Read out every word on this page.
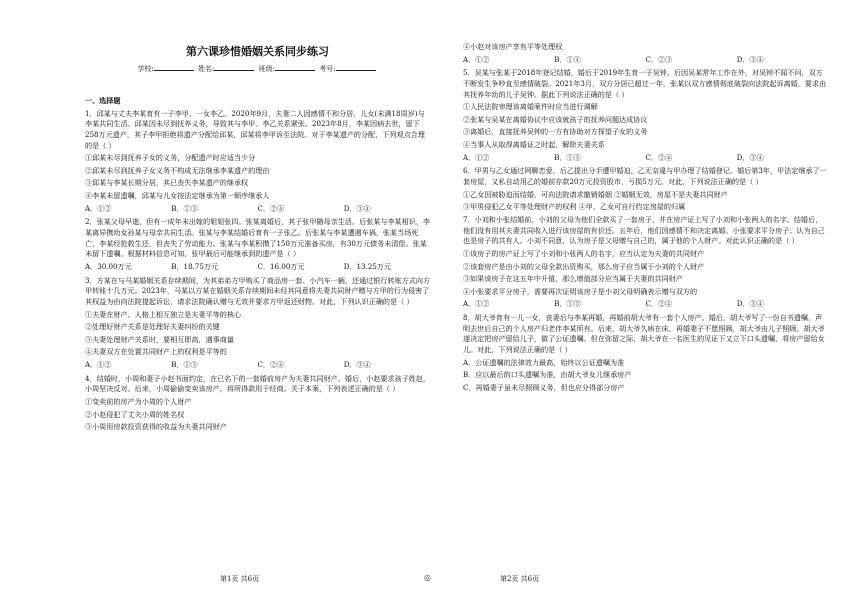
第六课珍惜婚姻关系同步练习
学校:	姓名:	班级:	考号:
一、选择题

1．邱某与丈夫李某育有一子李甲、一女李乙。2020年9月，夫妻二人因感情不和分居，儿女(未满18周岁)与李某共同生活。邱某因未尽到抚养义务，导致其与李甲、李乙关系紧张。2023年8月，李某因病去世，留下258万元遗产，其子李甲拒绝将遗产分配给邱某，邱某将李甲诉至法院。对于李某遗产的分配，下列观点合理的是（ ）

①邱某未尽到抚养子女的义务，分配遗产时应适当少分

②邱某未尽到抚养子女义务不构成无法继承李某遗产的理由

③邱某与李某长期分居，其已丧失李某遗产的继承权

④李某未留遗嘱，邱某与儿女按法定继承为第一顺序继承人

A．①②	B．①③	C．②④	D．③④

2．张某父母早逝，但有一成年未出嫁的姐姐张四。张某离婚后，其子张甲随母亲生活。后张某与李某相识，李某离异携幼女孙某与母亲共同生活。张某与李某结婚后育有一子张乙。后张某与李某遭遇车祸，张某当场死亡，李某经抢救生还，但丧失了劳动能力。张某与李某积攒了150万元准备买房，有30万元债务未清偿。张某未留下遗嘱。根据材料信息可知，张甲最后可能继承到的遗产是（ ）

A．30.00万元	B．18.75万元	C．16.00万元	D．13.25万元

3．方某在与马某婚姻关系存续期间，为其弟弟方甲购买了商品房一套、小汽车一辆，还通过银行转账方式向方甲转账十几万元。2023年，马某以方某在婚姻关系存续期间未经其同意将夫妻共同财产赠与方甲的行为侵害了其权益为由向法院提起诉讼，请求法院确认赠与无效并要求方甲返还财物。对此，下列认识正确的是（ ）

①夫妻在财产、人格上相互独立是夫妻平等的核心

②处理好财产关系是处理好夫妻纠纷的关键

③夫妻处理财产关系时，要相互即高，遇事商量

④夫妻双方在处置共同财产上的权利是平等的

A．①②	B．①③	C．②④	D．③④

4．结婚时，小周和妻子小赵书面约定，在已名下的一套婚前房产为夫妻共同财产。婚后，小赵要求孩子姓赵，小周坚决反对。后来，小周偷偷变卖该房产，将所得款用于经商。关于本案，下列表述正确的是（ ）

①变卖前的房产为小周的个人财产

②小赵侵犯了丈夫小周的姓名权

③小周用房款投资获得的收益为夫妻共同财产

④小赵对该房产享有平等处理权

A．①②	B．①④	C．②③	D．③④

5．吴某与张某于2018年登记结婚，婚后于2019年生育一子吴钟。后因吴某常年工作在外，对吴钟不闻不问，双方不断发生争吵直至感情破裂。2021年3月，双方分居已超过一年，张某以双方感情彻底破裂向法院起诉离婚，要求由其抚养年幼的儿子吴钟。据此下列说法正确的是（ ）

①人民法院审理该离婚案件时应当进行调解

②张某与吴某在离婚协议中应该就孩子的抚养问题达成协议

③离婚后，直接抚养吴钟的一方有协助对方探望子女的义务

④当事人从取得离婚证之时起，解除夫妻关系

A．①②	B．①③	C．②④	D．③④

6．甲男与乙女通过网聊恋爱，后乙提出分手遭甲婚迫，乙无奈違与甲办理了结婚登记。婚后第3年，甲法定继承了一套房屋，又私自动用乙的婚前存款20万元投资股市，亏损5万元。对此，下列说法正确的是（ ）

①乙女因被胁迫而结婚，可向法院请求撤销婚姻 ②婚姻无效，房屋不是夫妻共同财产

③甲男侵犯乙女平等处理财产的权利 ④甲、乙女可自行约定房屋的归属

7．小刘和小张结婚前，小刘的父母为他们全款买了一套房子，并在房产证上写了小刘和小张两人的名字。结婚后，他们没有用其夫妻共同收入进行该房屋的有价还。五年后，他们因感情不和决定离婚。小张要求平分房子；认为自己也是房子的共有人。小刘不同意，认为房子是父母赠与自己的，属于他的个人财产。对此认识正确的是（ ）

①该房子的房产证上写了小刘和小张两人的名字，应当认定为夫妻的共同财产

②该套房产是由小刘的父母全款出资购买，那么房子应当属于小刘的个人财产

③如果该房子在这五年中升值，那么增值部分应当属于夫妻的共同财产

④小张要求平分房子，需要再次证明该房子是小刘父母明确表示赠与双方的

A．①②	B．①③	C．②④	D．③④

8．胡大爷育有一儿一女，丧妻后与李某再婚，再婚前胡大爷有一套个人房产。婚后，胡大爷写了一份自书遗嘱，声明去世后自己的个人房产归老伴李某所有。后来，胡大爷久病在床，再婚妻子不愿照顾，胡大爷由儿子照顾。胡大爷遂决定把房产留给儿子，做了公证遗嘱。但在弥留之际，胡大爷在一名医生的见证下又立下口头遗嘱，将房产留给女儿。对此，下列说法正确的是（ ）

A．公证遗嘱的法律效力最高，始终以公证遗嘱为准

B．应以最后的口头遗嘱为准，由胡大爷女儿继承房产

C．再婚妻子虽未尽照顾义务，但也应分得部分房产

第1页 共6页	◎	第2页 共6页
